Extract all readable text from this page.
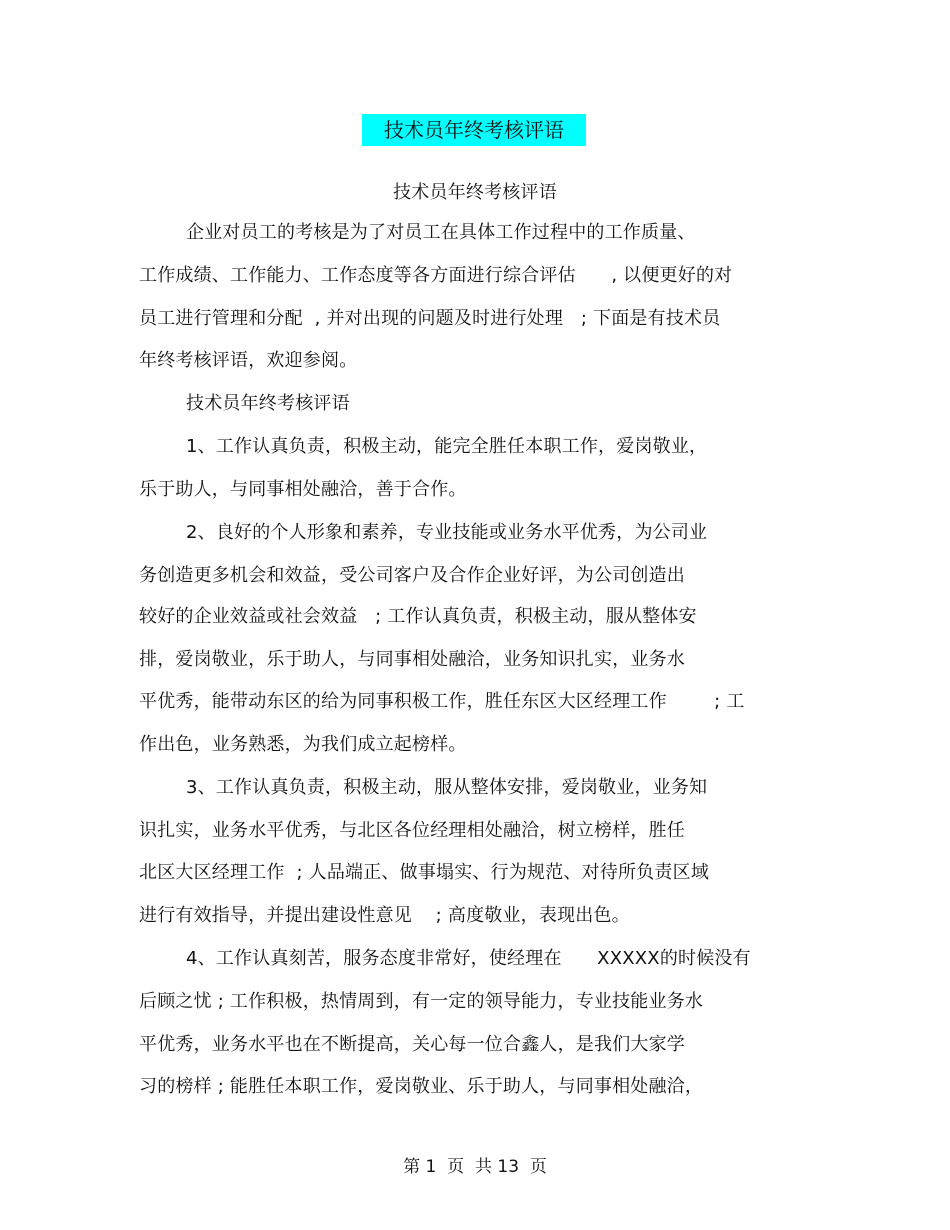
技术员年终考核评语
技术员年终考核评语
企业对员工的考核是为了对员工在具体工作过程中的工作质量、
工作成绩、工作能力、工作态度等各方面进行综合评估      , 以便更好的对
员工进行管理和分配  , 并对出现的问题及时进行处理   ; 下面是有技术员
年终考核评语，欢迎参阅。
技术员年终考核评语
1、工作认真负责，积极主动，能完全胜任本职工作，爱岗敬业，
乐于助人，与同事相处融洽，善于合作。
2、良好的个人形象和素养，专业技能或业务水平优秀，为公司业
务创造更多机会和效益，受公司客户及合作企业好评，为公司创造出
较好的企业效益或社会效益   ; 工作认真负责，积极主动，服从整体安
排，爱岗敬业，乐于助人，与同事相处融洽，业务知识扎实，业务水
平优秀，能带动东区的给为同事积极工作，胜任东区大区经理工作        ; 工
作出色，业务熟悉，为我们成立起榜样。
3、工作认真负责，积极主动，服从整体安排，爱岗敬业，业务知
识扎实，业务水平优秀，与北区各位经理相处融洽，树立榜样，胜任
北区大区经理工作  ; 人品端正、做事塌实、行为规范、对待所负责区域
进行有效指导，并提出建设性意见    ; 高度敬业，表现出色。
4、工作认真刻苦，服务态度非常好，使经理在      XXXXX的时候没有
后顾之忧 ; 工作积极，热情周到，有一定的领导能力，专业技能业务水
平优秀，业务水平也在不断提高，关心每一位合鑫人，是我们大家学
习的榜样 ; 能胜任本职工作，爱岗敬业、乐于助人，与同事相处融洽，
第 1  页  共 13  页
